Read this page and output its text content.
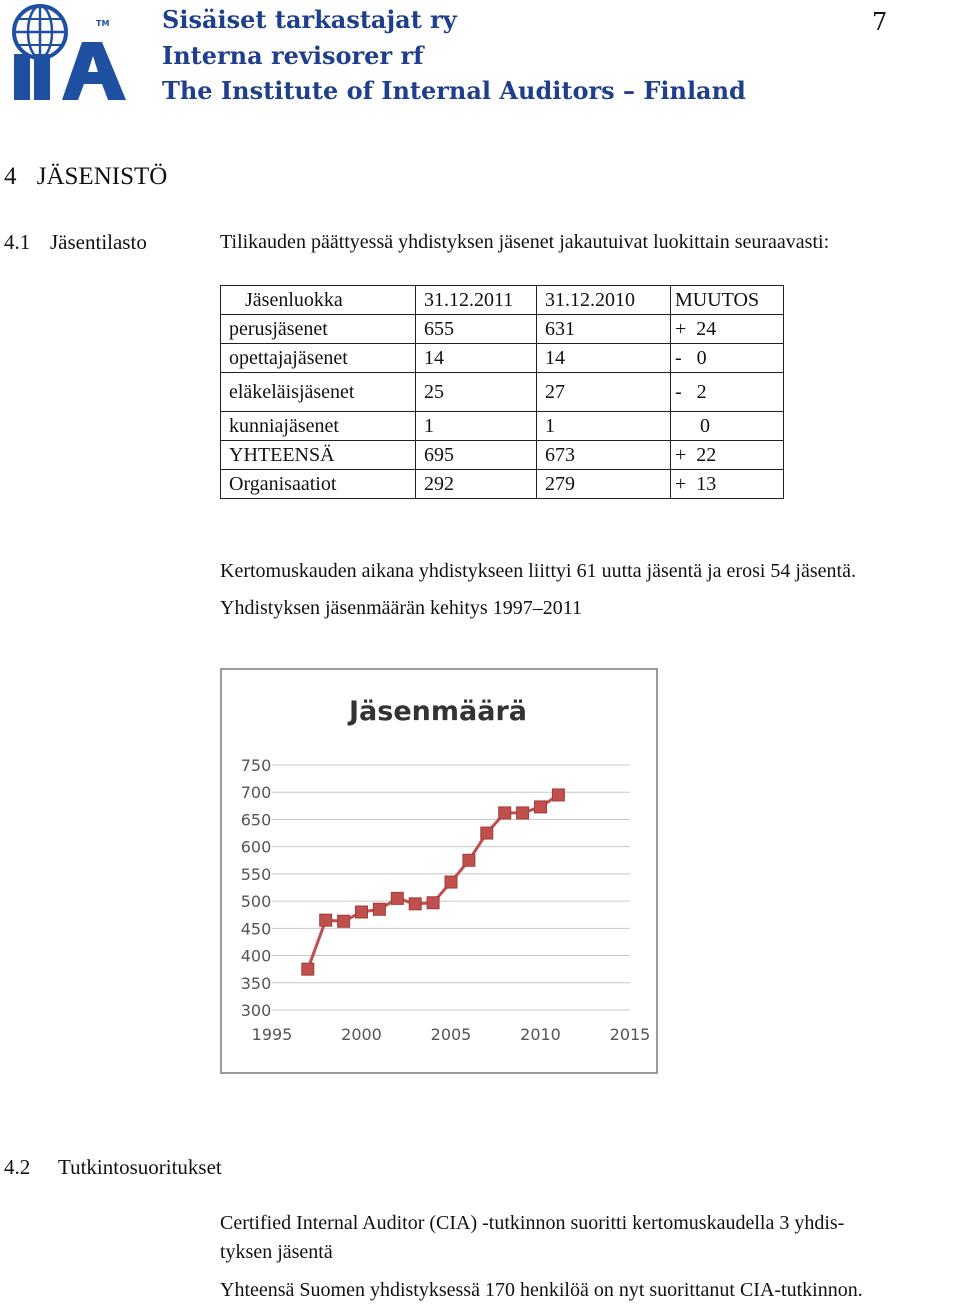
TM Sisäiset tarkastajat ry
Interna revisorer rf
The Institute of Internal Auditors – Finland
7
4 JÄSENISTÖ
4.1 Jäsentilasto	Tilikauden päättyessä yhdistyksen jäsenet jakautuivat luokittain seuraavasti:
Jäsenluokka	31.12.2011	31.12.2010	MUUTOS
perusjäsenet	655	631	+  24
opettajajäsenet	14	14	-   0
eläkeläisjäsenet	25	27	-   2
kunniajäsenet	1	1	0
YHTEENSÄ	695	673	+  22
Organisaatiot	292	279	+  13
Kertomuskauden aikana yhdistykseen liittyi 61 uutta jäsentä ja erosi 54 jäsentä.
Yhdistyksen jäsenmäärän kehitys 1997–2011
Jäsenmäärä
300
350
400
450
500
550
600
650
700
750
1995	2000	2005	2010	2015
4.2 Tutkintosuoritukset
Certified Internal Auditor (CIA) -tutkinnon suoritti kertomuskaudella 3 yhdis-
tyksen jäsentä
Yhteensä Suomen yhdistyksessä 170 henkilöä on nyt suorittanut CIA-tutkinnon.
